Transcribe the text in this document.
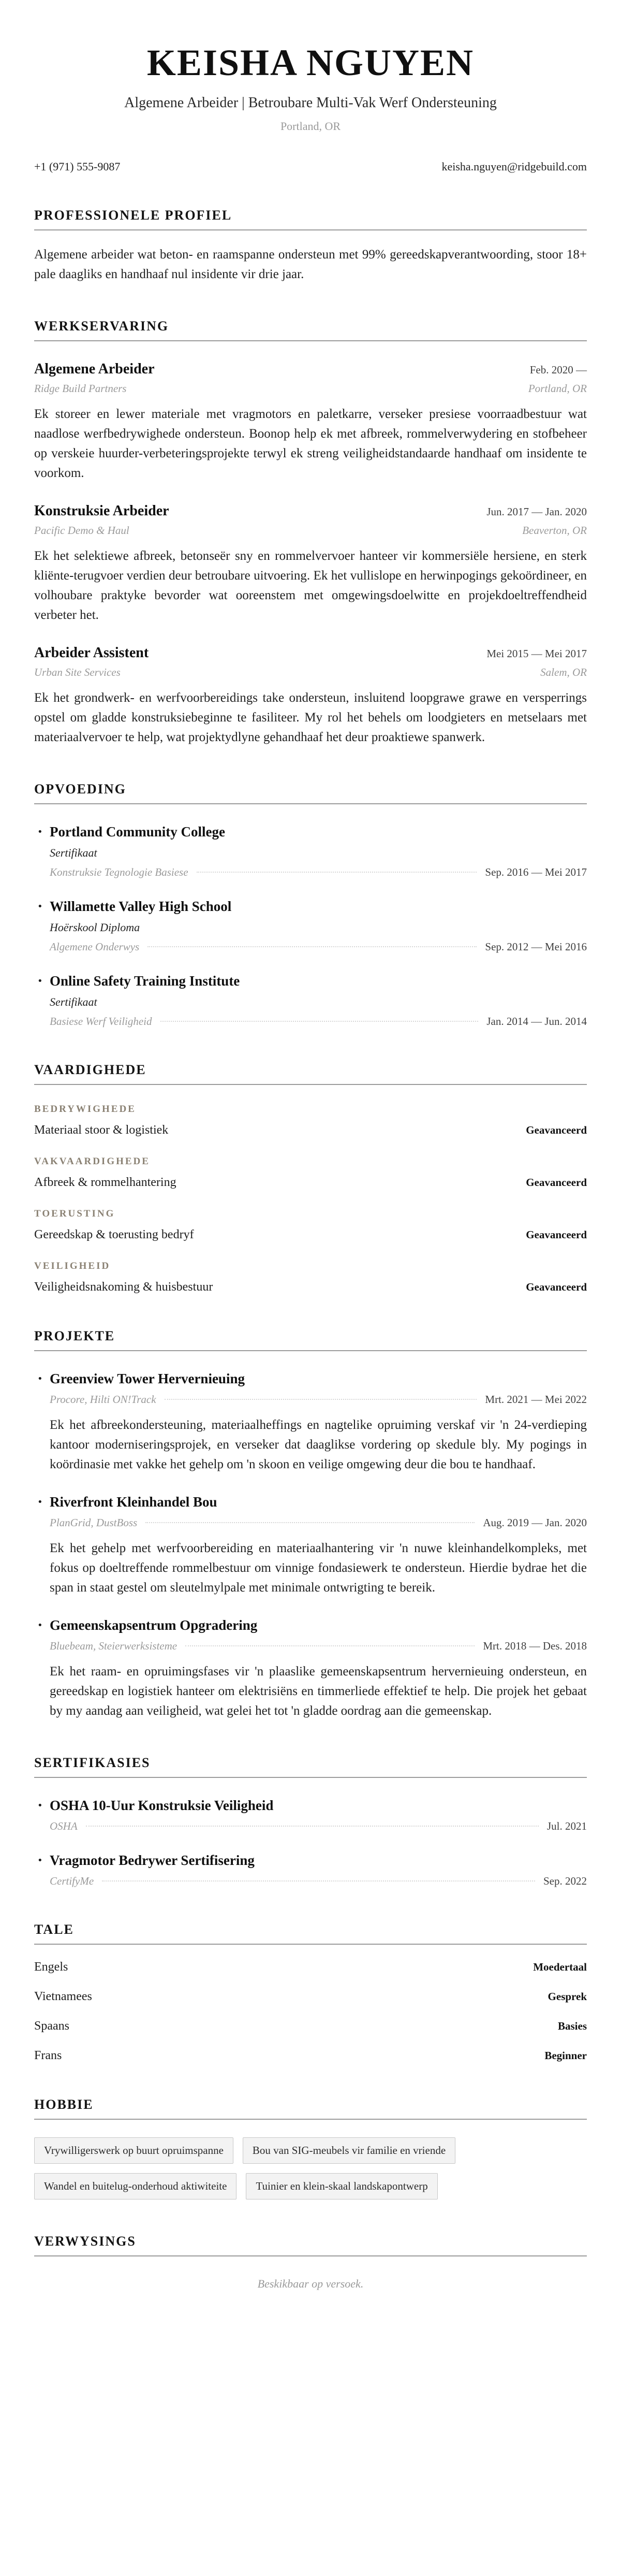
KEISHA NGUYEN
Algemene Arbeider | Betroubare Multi-Vak Werf Ondersteuning
Portland, OR
+1 (971) 555-9087	keisha.nguyen@ridgebuild.com
PROFESSIONELE PROFIEL

Algemene arbeider wat beton- en raamspanne ondersteun met 99% gereedskapverantwoording, stoor 18+ pale daagliks en handhaaf nul insidente vir drie jaar.

WERKSERVARING
Algemene Arbeider	Feb. 2020 —
Ridge Build Partners	Portland, OR

Ek storeer en lewer materiale met vragmotors en paletkarre, verseker presiese voorraadbestuur wat naadlose werfbedrywighede ondersteun. Boonop help ek met afbreek, rommelverwydering en stofbeheer op verskeie huurder-verbeteringsprojekte terwyl ek streng veiligheidstandaarde handhaaf om insidente te voorkom.

Konstruksie Arbeider	Jun. 2017 — Jan. 2020
Pacific Demo & Haul	Beaverton, OR

Ek het selektiewe afbreek, betonseër sny en rommelvervoer hanteer vir kommersiële hersiene, en sterk kliënte-terugvoer verdien deur betroubare uitvoering. Ek het vullislope en herwinpogings gekoördineer, en volhoubare praktyke bevorder wat ooreenstem met omgewingsdoelwitte en projekdoeltreffendheid verbeter het.

Arbeider Assistent	Mei 2015 — Mei 2017
Urban Site Services	Salem, OR

Ek het grondwerk- en werfvoorbereidings take ondersteun, insluitend loopgrawe grawe en versperrings opstel om gladde konstruksiebeginne te fasiliteer. My rol het behels om loodgieters en metselaars met materiaalvervoer te help, wat projektydlyne gehandhaaf het deur proaktiewe spanwerk.

OPVOEDING
· Portland Community College
Sertifikaat
Konstruksie Tegnologie Basiese	Sep. 2016 — Mei 2017
· Willamette Valley High School
Hoërskool Diploma
Algemene Onderwys	Sep. 2012 — Mei 2016
· Online Safety Training Institute
Sertifikaat
Basiese Werf Veiligheid	Jan. 2014 — Jun. 2014
VAARDIGHEDE
BEDRYWIGHEDE
Materiaal stoor & logistiek	Geavanceerd
VAKVAARDIGHEDE
Afbreek & rommelhantering	Geavanceerd
TOERUSTING
Gereedskap & toerusting bedryf	Geavanceerd
VEILIGHEID
Veiligheidsnakoming & huisbestuur	Geavanceerd
PROJEKTE
· Greenview Tower Hervernieuing
Procore, Hilti ON!Track	Mrt. 2021 — Mei 2022

Ek het afbreekondersteuning, materiaalheffings en nagtelike opruiming verskaf vir 'n 24-verdieping kantoor moderniseringsprojek, en verseker dat daaglikse vordering op skedule bly. My pogings in koördinasie met vakke het gehelp om 'n skoon en veilige omgewing deur die bou te handhaaf.

· Riverfront Kleinhandel Bou
PlanGrid, DustBoss	Aug. 2019 — Jan. 2020

Ek het gehelp met werfvoorbereiding en materiaalhantering vir 'n nuwe kleinhandelkompleks, met fokus op doeltreffende rommelbestuur om vinnige fondasiewerk te ondersteun. Hierdie bydrae het die span in staat gestel om sleutelmylpale met minimale ontwrigting te bereik.

· Gemeenskapsentrum Opgradering
Bluebeam, Steierwerksisteme	Mrt. 2018 — Des. 2018

Ek het raam- en opruimingsfases vir 'n plaaslike gemeenskapsentrum hervernieuing ondersteun, en gereedskap en logistiek hanteer om elektrisiëns en timmerliede effektief te help. Die projek het gebaat by my aandag aan veiligheid, wat gelei het tot 'n gladde oordrag aan die gemeenskap.

SERTIFIKASIES
· OSHA 10-Uur Konstruksie Veiligheid
OSHA	Jul. 2021
· Vragmotor Bedrywer Sertifisering
CertifyMe	Sep. 2022
TALE
Engels	Moedertaal
Vietnamees	Gesprek
Spaans	Basies
Frans	Beginner
HOBBIE
Vrywilligerswerk op buurt opruimspanne	Bou van SIG-meubels vir familie en vriende
Wandel en buitelug-onderhoud aktiwiteite	Tuinier en klein-skaal landskapontwerp
VERWYSINGS
Beskikbaar op versoek.
